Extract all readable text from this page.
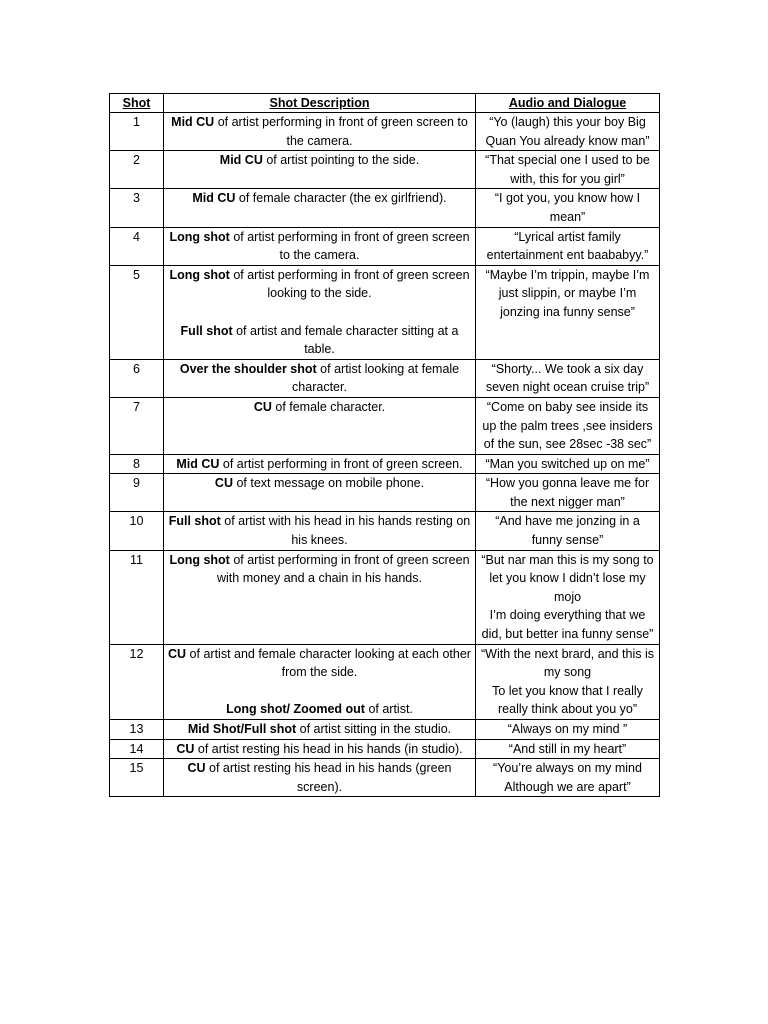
Shot	Shot Description	Audio and Dialogue
1	Mid CU of artist performing in front of green screen to the camera.	“Yo (laugh) this your boy Big Quan You already know man”

2	Mid CU of artist pointing to the side.	“That special one I used to be with, this for you girl”

3	Mid CU of female character (the ex girlfriend).	“I got you, you know how I mean”

4	Long shot of artist performing in front of green screen to the camera.	“Lyrical artist family entertainment ent baababyy.”

5	Long shot of artist performing in front of green screen looking to the side.
Full shot of artist and female character sitting at a table.	“Maybe I’m trippin, maybe I’m just slippin, or maybe I’m jonzing ina funny sense”

6	Over the shoulder shot of artist looking at female character.	“Shorty... We took a six day seven night ocean cruise trip”

7	CU of female character.	“Come on baby see inside its up the palm trees ,see insiders of the sun, see 28sec -38 sec”

8	Mid CU of artist performing in front of green screen.	“Man you switched up on me”

9	CU of text message on mobile phone.	“How you gonna leave me for the next nigger man”

10	Full shot of artist with his head in his hands resting on his knees.	“And have me jonzing in a funny sense”

11	Long shot of artist performing in front of green screen with money and a chain in his hands.	“But nar man this is my song to let you know I didn’t lose my mojo
I’m doing everything that we did, but better ina funny sense”

12	CU of artist and female character looking at each other from the side.
Long shot/ Zoomed out of artist.	“With the next brard, and this is my song
To let you know that I really really think about you yo”

13	Mid Shot/Full shot of artist sitting in the studio.	“Always on my mind ”

14	CU of artist resting his head in his hands (in studio).	“And still in my heart”

15	CU of artist resting his head in his hands (green screen).	“You’re always on my mind
Although we are apart”
